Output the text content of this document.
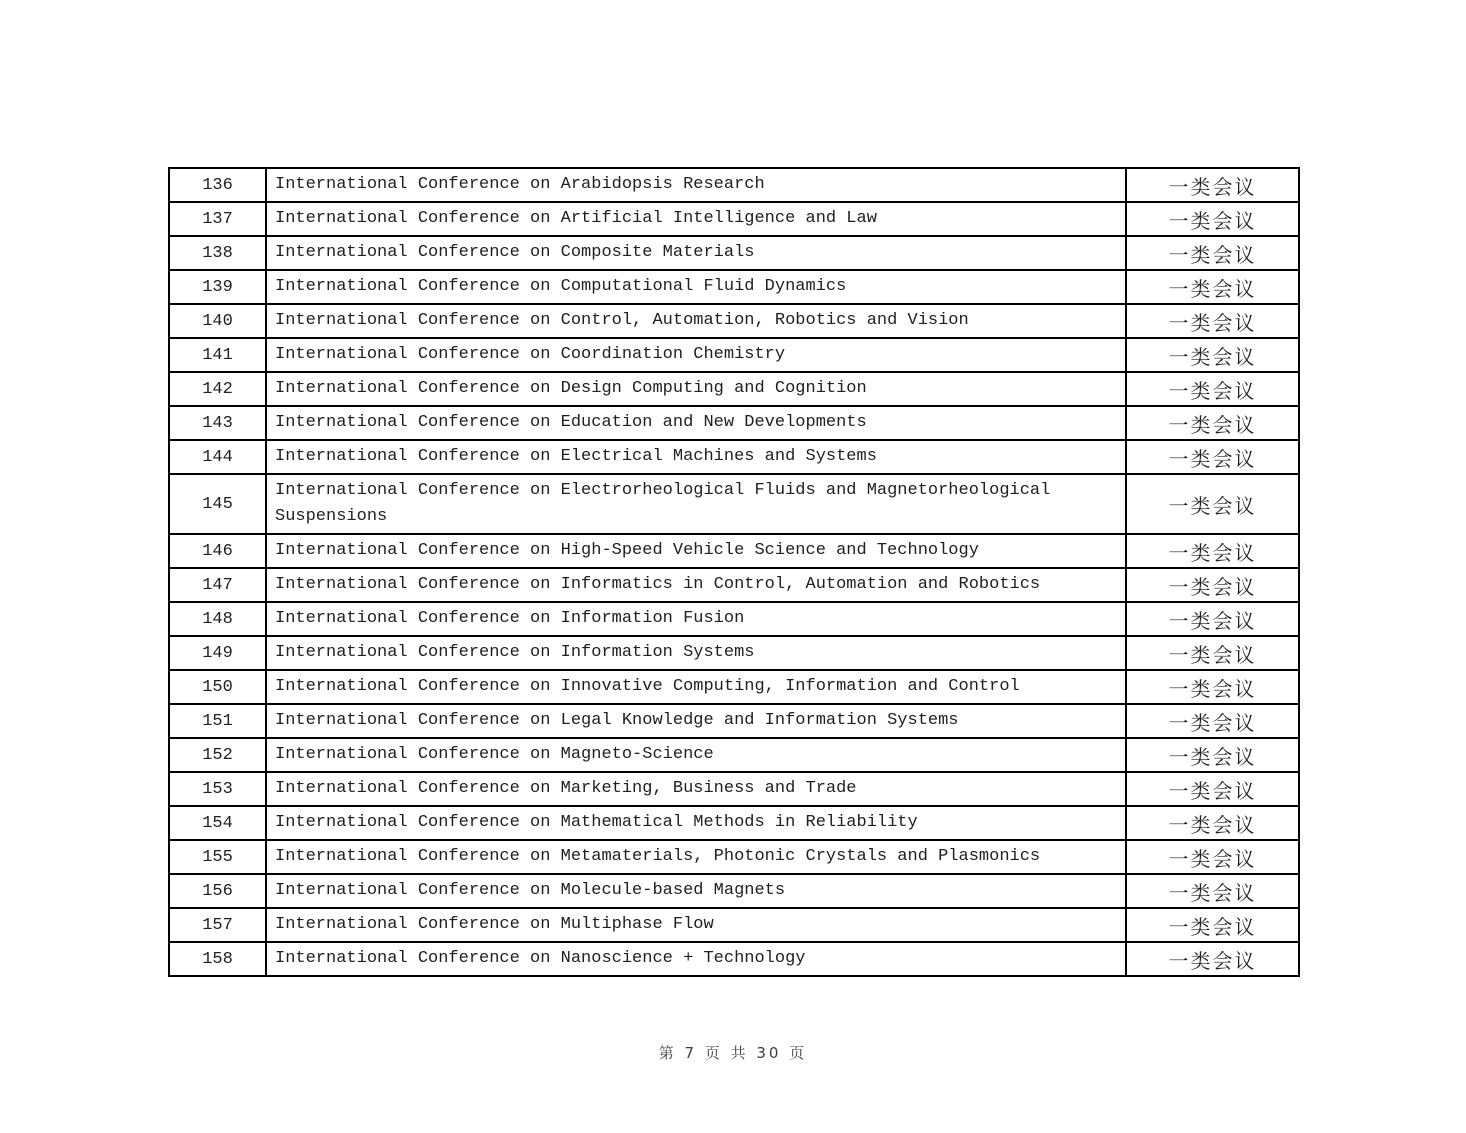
136	International Conference on Arabidopsis Research	一类会议
137	International Conference on Artificial Intelligence and Law	一类会议
138	International Conference on Composite Materials	一类会议
139	International Conference on Computational Fluid Dynamics	一类会议
140	International Conference on Control, Automation, Robotics and Vision	一类会议
141	International Conference on Coordination Chemistry	一类会议
142	International Conference on Design Computing and Cognition	一类会议
143	International Conference on Education and New Developments	一类会议
144	International Conference on Electrical Machines and Systems	一类会议
145	International Conference on Electrorheological Fluids and Magnetorheological Suspensions	一类会议
146	International Conference on High-Speed Vehicle Science and Technology	一类会议
147	International Conference on Informatics in Control, Automation and Robotics	一类会议
148	International Conference on Information Fusion	一类会议
149	International Conference on Information Systems	一类会议
150	International Conference on Innovative Computing, Information and Control	一类会议
151	International Conference on Legal Knowledge and Information Systems	一类会议
152	International Conference on Magneto-Science	一类会议
153	International Conference on Marketing, Business and Trade	一类会议
154	International Conference on Mathematical Methods in Reliability	一类会议
155	International Conference on Metamaterials, Photonic Crystals and Plasmonics	一类会议
156	International Conference on Molecule-based Magnets	一类会议
157	International Conference on Multiphase Flow	一类会议
158	International Conference on Nanoscience + Technology	一类会议
第 7 页 共 30 页
